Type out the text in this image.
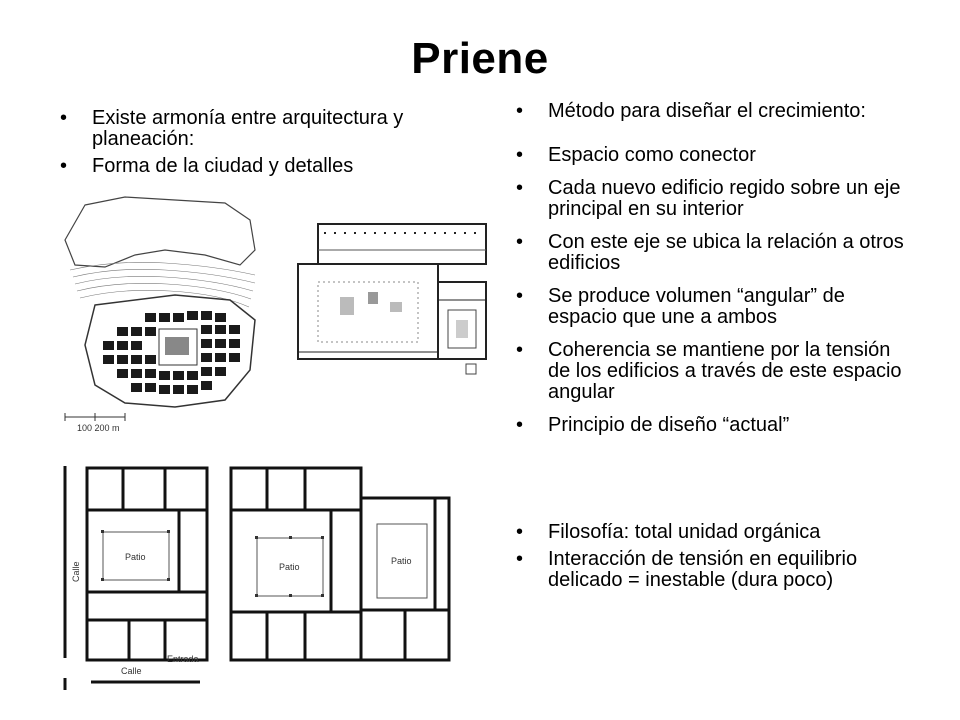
Priene
• Existe armonía entre arquitectura y planeación:
• Forma de la ciudad y detalles
• Método para diseñar el crecimiento:
• Espacio como conector
• Cada nuevo edificio regido sobre un eje principal en su interior
• Con este eje se ubica la relación a otros edificios
• Se produce volumen “angular” de espacio que une a ambos
• Coherencia se mantiene por la tensión de los edificios a través de este espacio angular
• Principio de diseño “actual”
• Filosofía: total unidad orgánica
• Interacción de tensión en equilibrio delicado = inestable (dura poco)
100 200 m
Patio
Patio
Patio
Calle
Entrada
Calle
